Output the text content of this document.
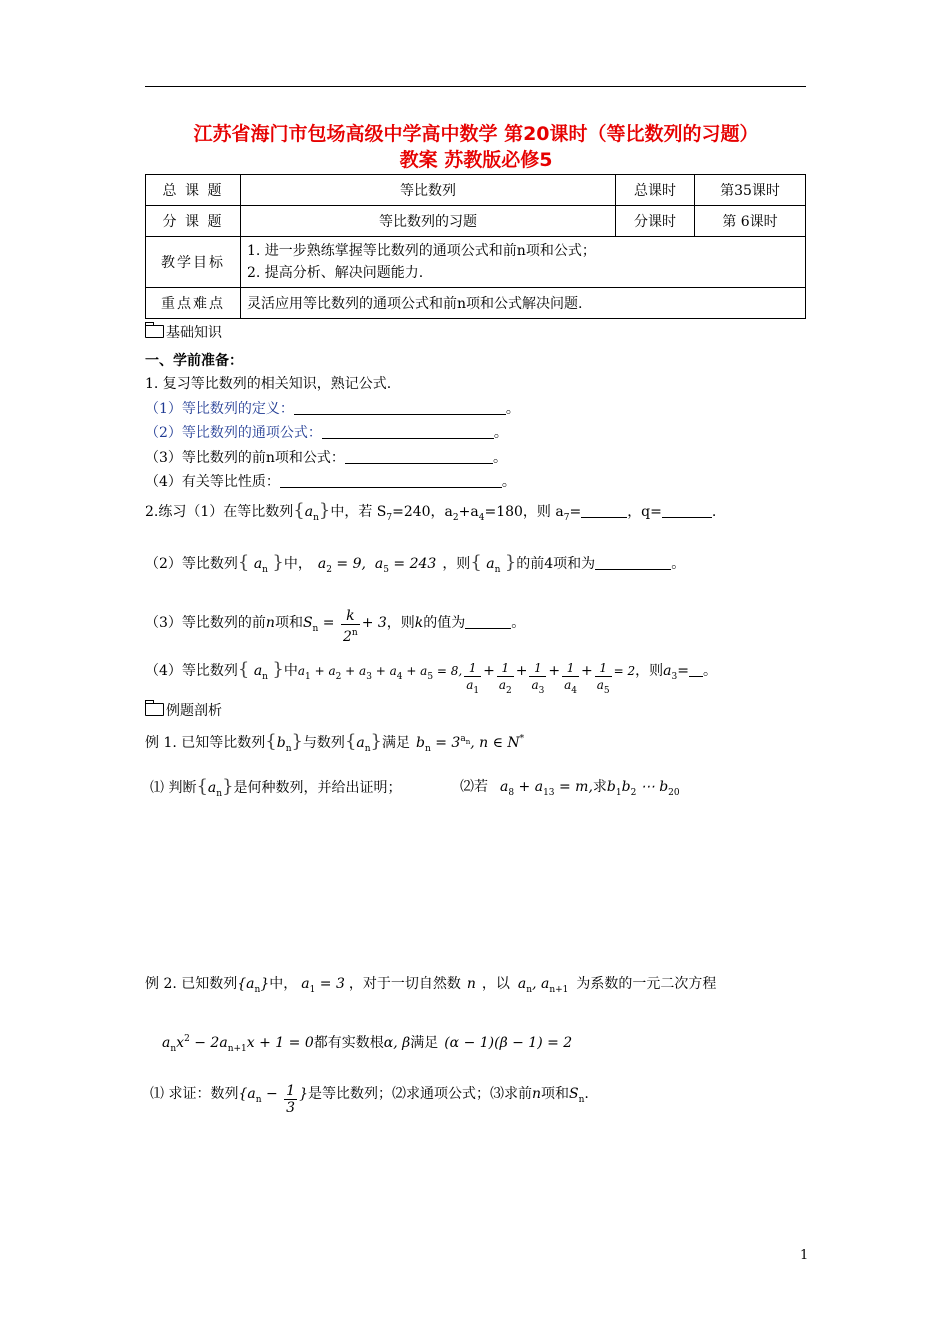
江苏省海门市包场高级中学高中数学 第20课时（等比数列的习题）
教案 苏教版必修5
总 课 题	等比数列	总课时	第35课时
分 课 题	等比数列的习题	分课时	第 6课时
教学目标	1. 进一步熟练掌握等比数列的通项公式和前n项和公式；
2. 提高分析、解决问题能力.		

重点难点	灵活应用等比数列的通项公式和前n项和公式解决问题.		
基础知识
一、学前准备：
1. 复习等比数列的相关知识，熟记公式.
（1）等比数列的定义：	。
（2）等比数列的通项公式：	。
（3）等比数列的前n项和公式：	。
（4）有关等比性质：	。
2.练习（1）在等比数列$\{a_n\}$中，若 $S_7=240$，$a_2+a_4=180$，则 $a_7=$	，q=	.
（2）等比数列{ $a_n$ }中， $a_2 = 9$,  $a_5 = 243$ ，则{ $a_n$ }的前4项和为	。
（3）等比数列的前n项和$S_n = \frac{k}{2^n} + 3$，则k的值为	。
（4）等比数列{ $a_n$ }中$a_1 + a_2 + a_3 + a_4 + a_5 = 8$, $\frac{1}{a_1} + \frac{1}{a_2} + \frac{1}{a_3} + \frac{1}{a_4} + \frac{1}{a_5} = 2$，则$a_3=$ 。
例题剖析
例 1. 已知等比数列$\{b_n\}$与数列$\{a_n\}$满足 $b_n = 3^{a_n}$, n ∈ N*
⑴ 判断$\{a_n\}$是何种数列，并给出证明；	⑵若 $a_8 + a_{13} = m$,求$b_1b_2$ ⋯ $b_{20}$
例 2. 已知数列$\{a_n\}$中， $a_1 = 3$ ，对于一切自然数 n ，以 $a_n$, $a_{n+1}$ 为系数的一元二次方程
$a_nx^2 - 2a_{n+1}x + 1 = 0$都有实数根α, β满足 (α − 1)(β − 1) = 2
⑴ 求证：数列{$a_n - \frac{1}{3}$ }是等比数列；⑵求通项公式；⑶求前n项和$S_n$.
1
